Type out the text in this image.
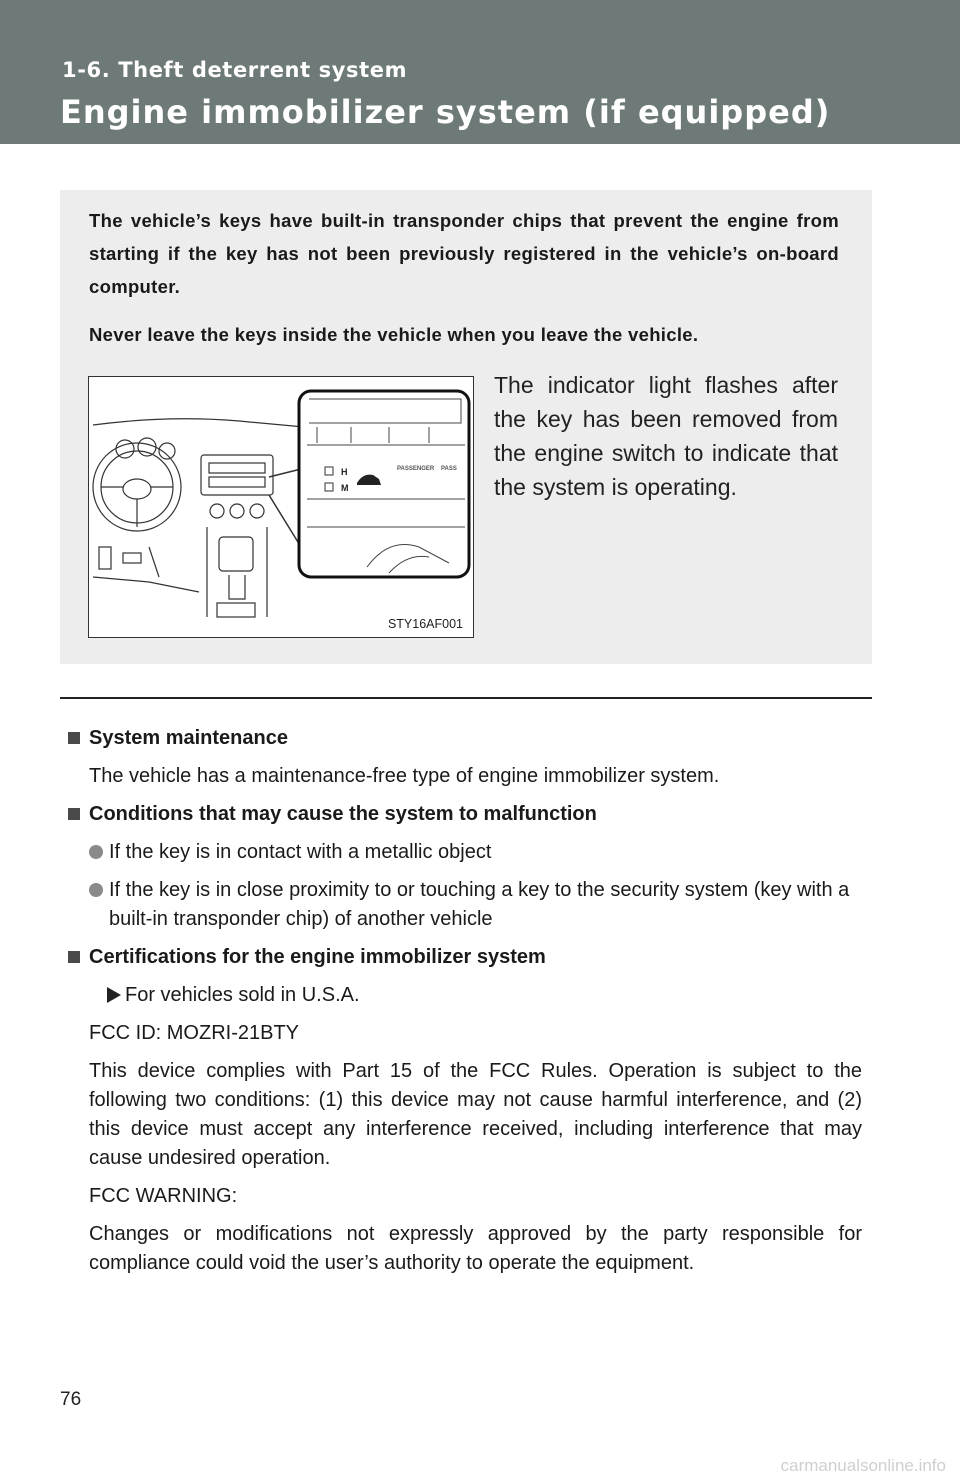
1-6. Theft deterrent system

Engine immobilizer system (if equipped)

The vehicle’s keys have built-in transponder chips that prevent the engine from starting if the key has not been previously registered in the vehicle’s on-board computer.

Never leave the keys inside the vehicle when you leave the vehicle.

H
M
PASSENGER PASS
STY16AF001

The indicator light flashes after the key has been removed from the engine switch to indicate that the system is operating.

System maintenance

The vehicle has a maintenance-free type of engine immobilizer system.

Conditions that may cause the system to malfunction
If the key is in contact with a metallic object
If the key is in close proximity to or touching a key to the security system (key with a built-in transponder chip) of another vehicle
Certifications for the engine immobilizer system
For vehicles sold in U.S.A.

FCC ID: MOZRI-21BTY

This device complies with Part 15 of the FCC Rules. Operation is subject to the following two conditions: (1) this device may not cause harmful interference, and (2) this device must accept any interference received, including interference that may cause undesired operation.

FCC WARNING:

Changes or modifications not expressly approved by the party responsible for compliance could void the user’s authority to operate the equipment.

76
carmanualsonline.info
